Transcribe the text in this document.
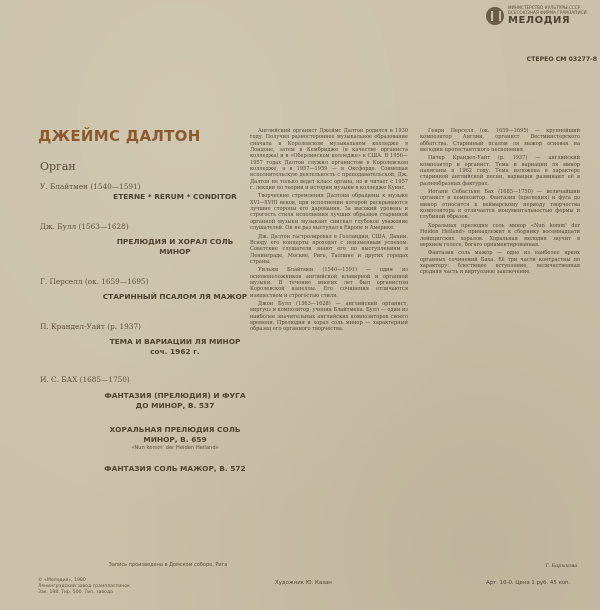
МИНИСТЕРСТВО КУЛЬТУРЫ СССР · ВСЕСОЮЗНАЯ ФИРМА ГРАМЗАПИСИ
МЕЛОДИЯ
СТЕРЕО СМ 03277-8
ДЖЕЙМС ДАЛТОН
Орган

У. Блайтмен (1540—1591)

ETERNE * RERUM * CONDITOR

Дж. Булл (1563—1628)

ПРЕЛЮДИЯ И ХОРАЛ СОЛЬ МИНОР

Г. Перселл (ок. 1659—1695)

СТАРИННЫЙ ПСАЛОМ ЛЯ МАЖОР

П. Крандел-Уайт (р. 1937)

ТЕМА И ВАРИАЦИИ ЛЯ МИНОР соч. 1962 г.

И. С. БАХ (1685—1750)

ФАНТАЗИЯ (ПРЕЛЮДИЯ) И ФУГА ДО МИНОР, B. 537

ХОРАЛЬНАЯ ПРЕЛЮДИЯ СОЛЬ МИНОР, B. 659

«Nun komm' der Heiden Heiland»

ФАНТАЗИЯ СОЛЬ МАЖОР, B. 572

Запись произведена в Домском соборе, Рига
© «Мелодия», 1980
Ленинградский завод грампластинок
Зак. 198. Тир. 500. Тип. завода
Художник Ю. Казан	Арт. 10-0. Цена 1 руб. 45 коп.

Английский органист Джеймс Далтон родился в 1930 году. Получил разностороннее музыкальное образование сначала в Королевском музыкальном колледже в Лондоне, затем в Кембридже (в качестве органиста колледжа) и в «Оберлинском колледже» в США. В 1956—1957 годах Далтон служил органистом в Королевском колледже, а в 1957—1959 — в Оксфорде. Совмещая исполнительскую деятельность с преподавательской, Дж. Далтон не только ведет класс органа, но и читает с 1957 г. лекции по теории и истории музыки в колледже Куинс.

Творческие стремления Далтона обращены к музыке XVI—XVIII веков, при исполнении которой раскрываются лучшие стороны его дарования. За высокий уровень и строгость стиля исполнения лучших образцов старинной органной музыки музыкант снискал глубокое уважение слушателей. Он не раз выступал в Европе и Америке.

Дж. Далтон гастролировал в Голландии, США, Дании. Всюду его концерты проходят с неизменным успехом. Советские слушатели знают его по выступлениям в Ленинграде, Москве, Риге, Таллине и других городах страны.

Уильям Блайтмен (1540—1591) — один из основоположников английской клавирной и органной музыки. В течение многих лет был органистом Королевской капеллы. Его сочинения отличаются изяществом и строгостью стиля.

Джон Булл (1563—1628) — английский органист, виртуоз и композитор, ученик Блайтмена. Булл — один из наиболее значительных английских композиторов своего времени. Прелюдия и хорал соль минор — характерный образец его органного творчества.

Генри Перселл (ок. 1659—1695) — крупнейший композитор Англии, органист Вестминстерского аббатства. Старинный псалом ля мажор основан на мелодии протестантского песнопения.

Питер Крандел-Уайт (р. 1937) — английский композитор и органист. Тема и вариации ля минор написаны в 1962 году. Тема изложена в характере старинной английской песни, вариации развивают её в разнообразных фактурах.

Иоганн Себастьян Бах (1685—1750) — величайший органист и композитор. Фантазия (прелюдия) и фуга до минор относится к веймарскому периоду творчества композитора и отличается монументальностью формы и глубиной образов.

Хоральная прелюдия соль минор «Nun komm' der Heiden Heiland» принадлежит к сборнику восемнадцати лейпцигских хоралов. Хоральная мелодия звучит в верхнем голосе, богато орнаментированная.

Фантазия соль мажор — одно из наиболее ярких органных сочинений Баха. Её три части контрастны по характеру: блестящее вступление, величественная средняя часть и виртуозное заключение.

Т. Барыкова
